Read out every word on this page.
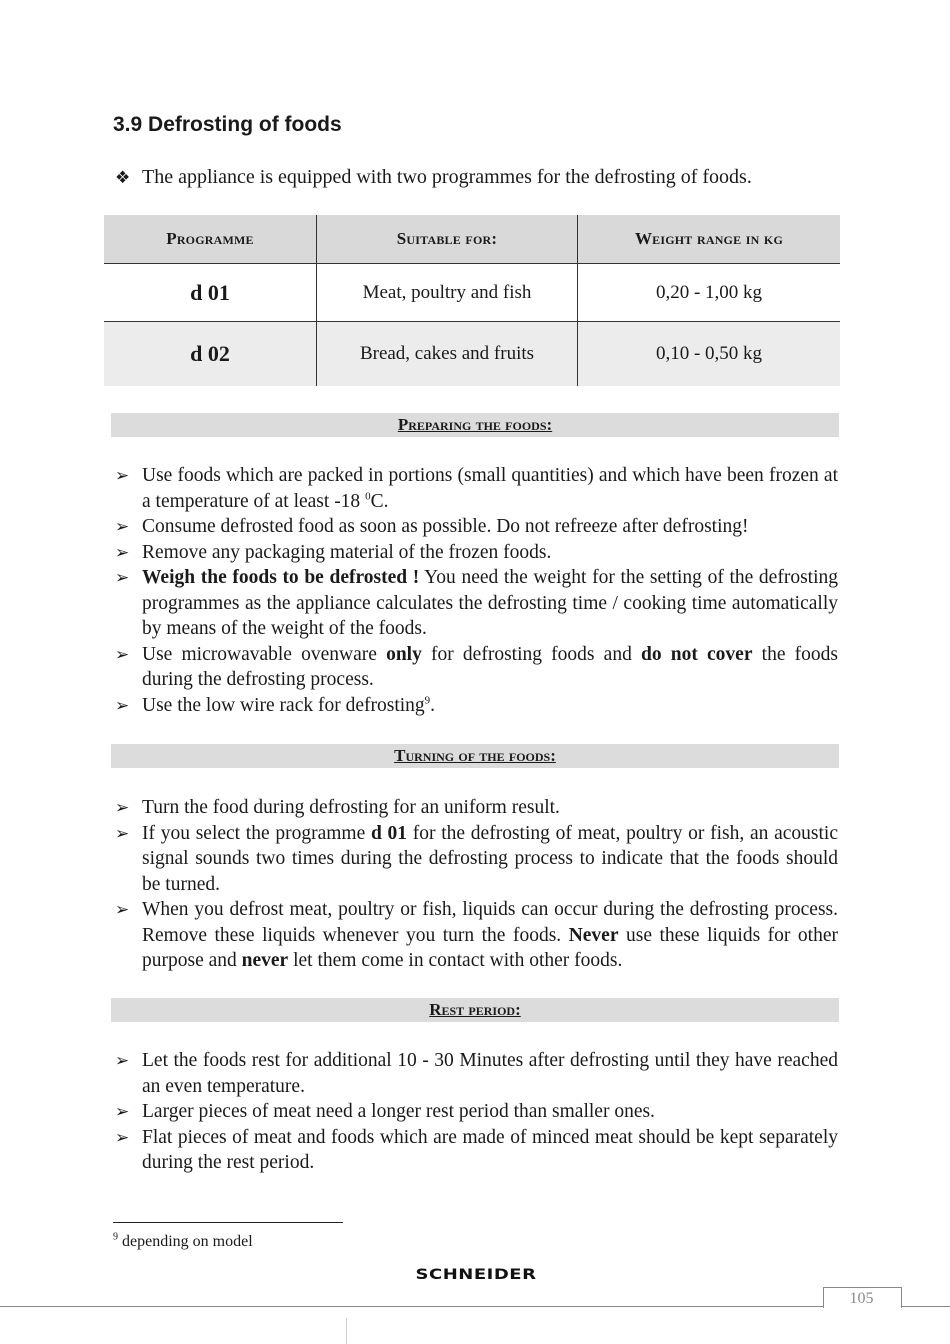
3.9 Defrosting of foods
❖ The appliance is equipped with two programmes for the defrosting of foods.
Programme	Suitable for:	Weight range in kg
d 01	Meat, poultry and fish	0,20 - 1,00 kg
d 02	Bread, cakes and fruits	0,10 - 0,50 kg
Preparing the foods:
➢ Use foods which are packed in portions (small quantities) and which have been frozen at a temperature of at least -18 $^0$C.
➢ Consume defrosted food as soon as possible. Do not refreeze after defrosting!
➢ Remove any packaging material of the frozen foods.
➢ Weigh the foods to be defrosted ! You need the weight for the setting of the defrosting programmes as the appliance calculates the defrosting time / cooking time automatically by means of the weight of the foods.
➢ Use microwavable ovenware only for defrosting foods and do not cover the foods during the defrosting process.
➢ Use the low wire rack for defrosting$^9$.
Turning of the foods:
➢ Turn the food during defrosting for an uniform result.
➢ If you select the programme d 01 for the defrosting of meat, poultry or fish, an acoustic signal sounds two times during the defrosting process to indicate that the foods should be turned.
➢ When you defrost meat, poultry or fish, liquids can occur during the defrosting process. Remove these liquids whenever you turn the foods. Never use these liquids for other purpose and never let them come in contact with other foods.
Rest period:
➢ Let the foods rest for additional 10 - 30 Minutes after defrosting until they have reached an even temperature.
➢ Larger pieces of meat need a longer rest period than smaller ones.
➢ Flat pieces of meat and foods which are made of minced meat should be kept separately during the rest period.
$^9$ depending on model
SCHNEIDER
105
